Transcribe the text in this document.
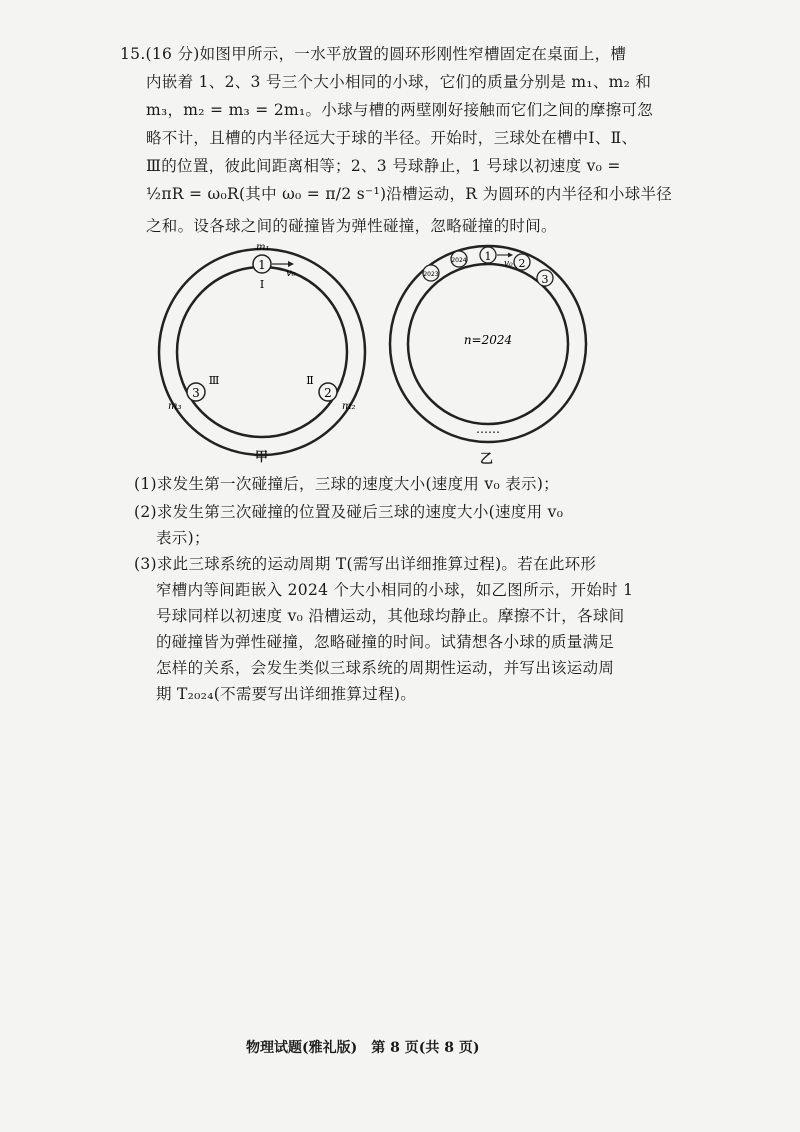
15.(16 分)如图甲所示，一水平放置的圆环形刚性窄槽固定在桌面上，槽
内嵌着 1、2、3 号三个大小相同的小球，它们的质量分别是 m₁、m₂ 和
m₃，m₂ = m₃ = 2m₁。小球与槽的两壁刚好接触而它们之间的摩擦可忽
略不计，且槽的内半径远大于球的半径。开始时，三球处在槽中Ⅰ、Ⅱ、
Ⅲ的位置，彼此间距离相等；2、3 号球静止，1 号球以初速度 v₀ =
½πR = ω₀R(其中 ω₀ = π/2 s⁻¹)沿槽运动，R 为圆环的内半径和小球半径
之和。设各球之间的碰撞皆为弹性碰撞，忽略碰撞的时间。
1
v₀
m₁
Ⅰ
2
Ⅱ
m₂
3
Ⅲ
m₃
甲
1
v₀ 2
3
2024
2023
n=2024
……
乙
(1)求发生第一次碰撞后，三球的速度大小(速度用 v₀ 表示)；
(2)求发生第三次碰撞的位置及碰后三球的速度大小(速度用 v₀
表示)；
(3)求此三球系统的运动周期 T(需写出详细推算过程)。若在此环形
窄槽内等间距嵌入 2024 个大小相同的小球，如乙图所示，开始时 1
号球同样以初速度 v₀ 沿槽运动，其他球均静止。摩擦不计，各球间
的碰撞皆为弹性碰撞，忽略碰撞的时间。试猜想各小球的质量满足
怎样的关系，会发生类似三球系统的周期性运动，并写出该运动周
期 T₂₀₂₄(不需要写出详细推算过程)。
物理试题(雅礼版)　第 8 页(共 8 页)
